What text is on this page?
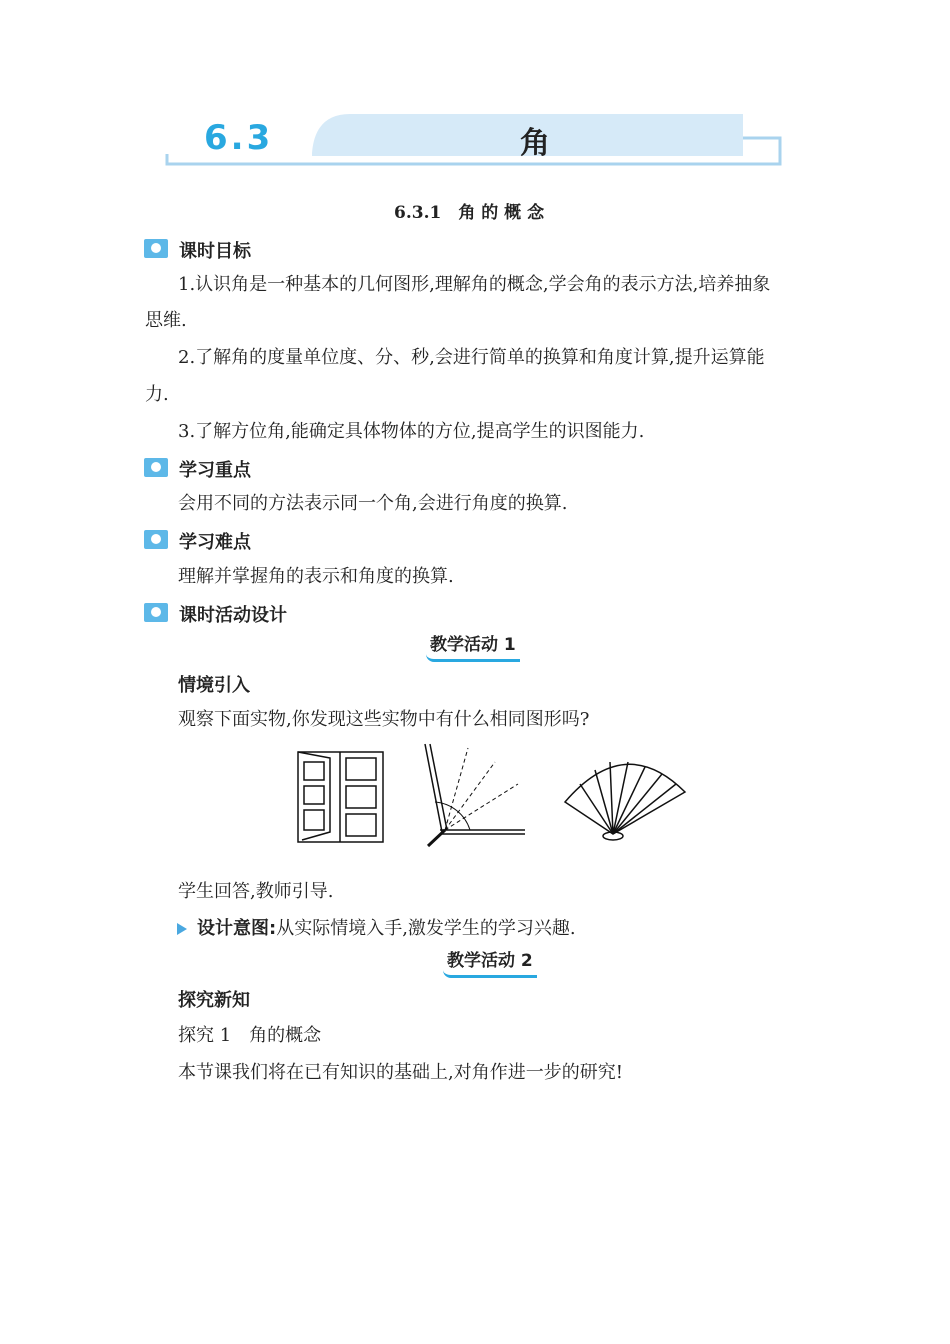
6.3	角
6.3.1　角 的 概 念
课时目标
1.认识角是一种基本的几何图形,理解角的概念,学会角的表示方法,培养抽象
思维.
2.了解角的度量单位度、分、秒,会进行简单的换算和角度计算,提升运算能
力.
3.了解方位角,能确定具体物体的方位,提高学生的识图能力.
学习重点
会用不同的方法表示同一个角,会进行角度的换算.
学习难点
理解并掌握角的表示和角度的换算.
课时活动设计
教学活动 1
情境引入
观察下面实物,你发现这些实物中有什么相同图形吗?
学生回答,教师引导.
设计意图:从实际情境入手,激发学生的学习兴趣.
教学活动 2
探究新知
探究 1　角的概念
本节课我们将在已有知识的基础上,对角作进一步的研究!
